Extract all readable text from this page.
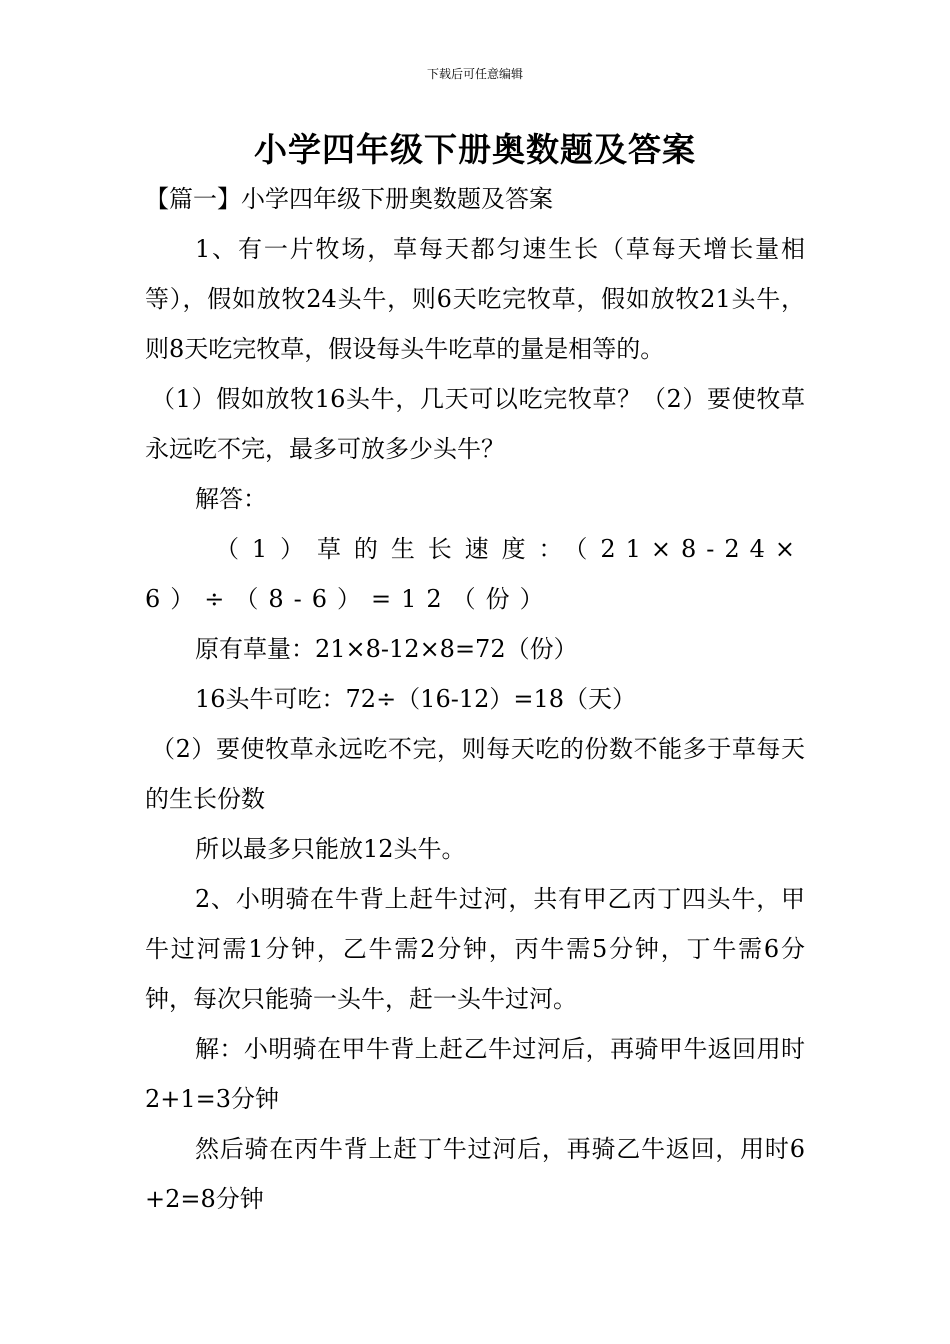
下载后可任意编辑
小学四年级下册奥数题及答案

【篇一】小学四年级下册奥数题及答案

1、有一片牧场，草每天都匀速生长（草每天增长量相等），假如放牧24头牛，则6天吃完牧草，假如放牧21头牛，则8天吃完牧草，假设每头牛吃草的量是相等的。

（1）假如放牧16头牛，几天可以吃完牧草？（2）要使牧草永远吃不完，最多可放多少头牛？

解答：

（1）草的生长速度：（21×8-24×6）÷（8-6）=12（份）

原有草量：21×8-12×8=72（份）

16头牛可吃：72÷（16-12）=18（天）

（2）要使牧草永远吃不完，则每天吃的份数不能多于草每天的生长份数

所以最多只能放12头牛。

2、小明骑在牛背上赶牛过河，共有甲乙丙丁四头牛，甲牛过河需1分钟，乙牛需2分钟，丙牛需5分钟，丁牛需6分钟，每次只能骑一头牛，赶一头牛过河。

解：小明骑在甲牛背上赶乙牛过河后，再骑甲牛返回用时2+1=3分钟

然后骑在丙牛背上赶丁牛过河后，再骑乙牛返回，用时6+2=8分钟
